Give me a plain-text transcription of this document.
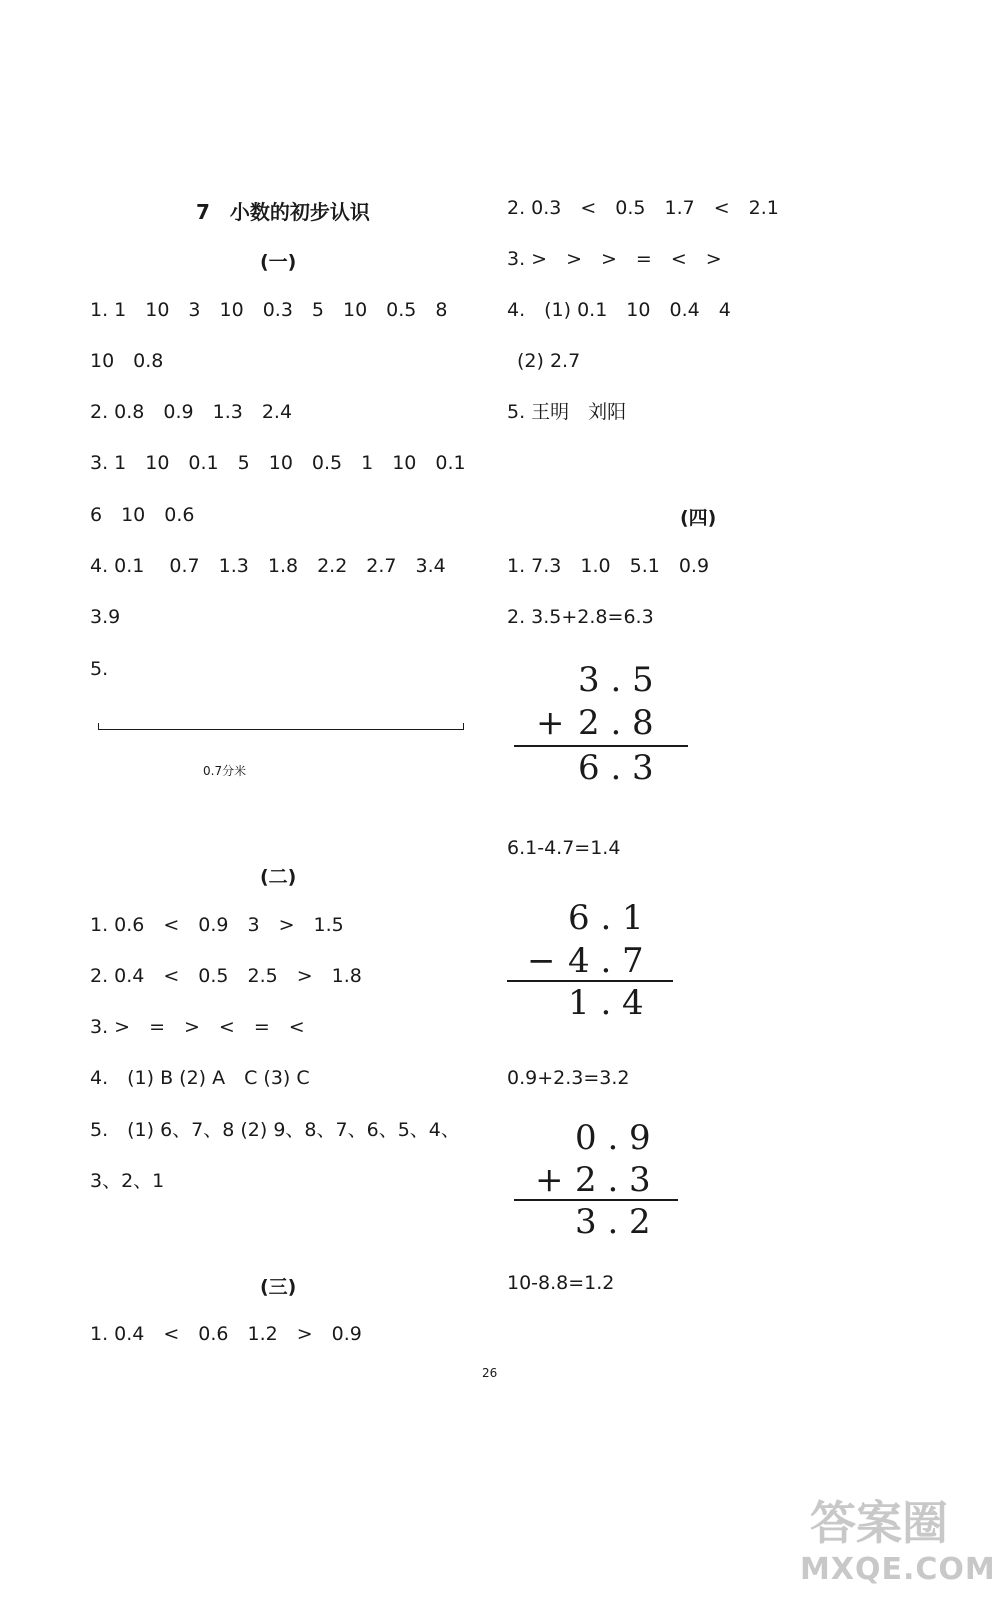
7　小数的初步认识
(一)
(二)
(三)
(四)
1. 1　10　3　10　0.3　5　10　0.5　8
10　0.8
2. 0.8　0.9　1.3　2.4
3. 1　10　0.1　5　10　0.5　1　10　0.1
6　10　0.6
4. 0.1　 0.7　1.3　1.8　2.2　2.7　3.4
3.9
5.
0.7分米
1. 0.6　<　0.9　3　>　1.5
2. 0.4　<　0.5　2.5　>　1.8
3. >　=　>　<　=　<
4.　(1) B (2) A　C (3) C
5.　(1) 6、7、8 (2) 9、8、7、6、5、4、
3、2、1
1. 0.4　<　0.6　1.2　>　0.9
2. 0.3　<　0.5　1.7　<　2.1
3. >　>　>　=　<　>
4.　(1) 0.1　10　0.4　4
(2) 2.7
5. 王明　刘阳
1. 7.3　1.0　5.1　0.9
2. 3.5+2.8=6.3
3 . 5
+ 2 . 8
6 . 3
6.1-4.7=1.4
6 . 1
− 4 . 7
1 . 4
0.9+2.3=3.2
0 . 9
+ 2 . 3
3 . 2
10-8.8=1.2
26
答案圈
MXQE.COM
